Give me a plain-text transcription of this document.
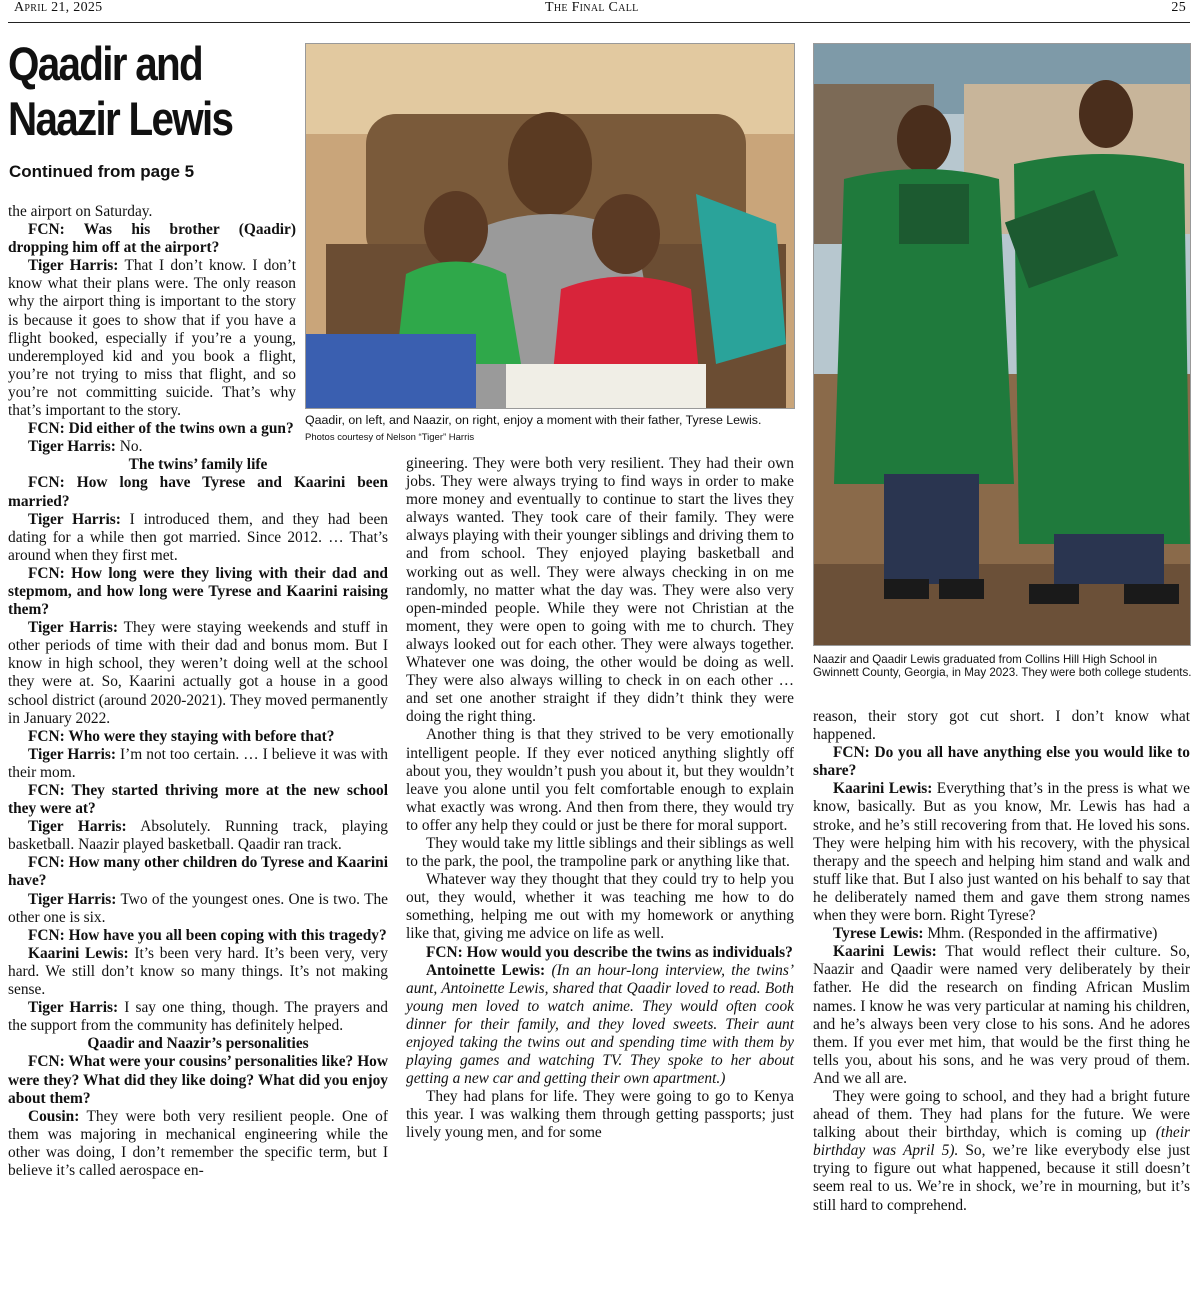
April 21, 2025	The Final Call	25
Qaadir and Naazir Lewis
Continued from page 5
Qaadir, on left, and Naazir, on right, enjoy a moment with their father, Tyrese Lewis.
Photos courtesy of Nelson “Tiger” Harris
Naazir and Qaadir Lewis graduated from Collins Hill High School in Gwinnett County, Georgia, in May 2023. They were both college students.

the airport on Saturday.

FCN: Was his brother (Qaadir) dropping him off at the airport?

Tiger Harris: That I don’t know. I don’t know what their plans were. The only reason why the airport thing is important to the story is because it goes to show that if you have a flight booked, especially if you’re a young, underemployed kid and you book a flight, you’re not trying to miss that flight, and so you’re not committing suicide. That’s why that’s important to the story.

FCN: Did either of the twins own a gun?

Tiger Harris: No.

The twins’ family life

FCN: How long have Tyrese and Kaarini been married?

Tiger Harris: I introduced them, and they had been dating for a while then got married. Since 2012. … That’s around when they first met.

FCN: How long were they living with their dad and stepmom, and how long were Tyrese and Kaarini raising them?

Tiger Harris: They were staying weekends and stuff in other periods of time with their dad and bonus mom. But I know in high school, they weren’t doing well at the school they were at. So, Kaarini actually got a house in a good school district (around 2020-2021). They moved permanently in January 2022.

FCN: Who were they staying with before that?

Tiger Harris: I’m not too certain. … I believe it was with their mom.

FCN: They started thriving more at the new school they were at?

Tiger Harris: Absolutely. Running track, playing basketball. Naazir played basketball. Qaadir ran track.

FCN: How many other children do Tyrese and Kaarini have?

Tiger Harris: Two of the youngest ones. One is two. The other one is six.

FCN: How have you all been coping with this tragedy?

Kaarini Lewis: It’s been very hard. It’s been very, very hard. We still don’t know so many things. It’s not making sense.

Tiger Harris: I say one thing, though. The prayers and the support from the community has definitely helped.

Qaadir and Naazir’s personalities

FCN: What were your cousins’ personalities like? How were they? What did they like doing? What did you enjoy about them?

Cousin: They were both very resilient people. One of them was majoring in mechanical engineering while the other was doing, I don’t remember the specific term, but I believe it’s called aerospace en-

gineering. They were both very resilient. They had their own jobs. They were always trying to find ways in order to make more money and eventually to continue to start the lives they always wanted. They took care of their family. They were always playing with their younger siblings and driving them to and from school. They enjoyed playing basketball and working out as well. They were always checking in on me randomly, no matter what the day was. They were also very open-minded people. While they were not Christian at the moment, they were open to going with me to church. They always looked out for each other. They were always together. Whatever one was doing, the other would be doing as well. They were also always willing to check in on each other … and set one another straight if they didn’t think they were doing the right thing.

Another thing is that they strived to be very emotionally intelligent people. If they ever noticed anything slightly off about you, they wouldn’t push you about it, but they wouldn’t leave you alone until you felt comfortable enough to explain what exactly was wrong. And then from there, they would try to offer any help they could or just be there for moral support.

They would take my little siblings and their siblings as well to the park, the pool, the trampoline park or anything like that.

Whatever way they thought that they could try to help you out, they would, whether it was teaching me how to do something, helping me out with my homework or anything like that, giving me advice on life as well.

FCN: How would you describe the twins as individuals?

Antoinette Lewis: (In an hour-long interview, the twins’ aunt, Antoinette Lewis, shared that Qaadir loved to read. Both young men loved to watch anime. They would often cook dinner for their family, and they loved sweets. Their aunt enjoyed taking the twins out and spending time with them by playing games and watching TV. They spoke to her about getting a new car and getting their own apartment.)

They had plans for life. They were going to go to Kenya this year. I was walking them through getting passports; just lively young men, and for some

reason, their story got cut short. I don’t know what happened.

FCN: Do you all have anything else you would like to share?

Kaarini Lewis: Everything that’s in the press is what we know, basically. But as you know, Mr. Lewis has had a stroke, and he’s still recovering from that. He loved his sons. They were helping him with his recovery, with the physical therapy and the speech and helping him stand and walk and stuff like that. But I also just wanted on his behalf to say that he deliberately named them and gave them strong names when they were born. Right Tyrese?

Tyrese Lewis: Mhm. (Responded in the affirmative)

Kaarini Lewis: That would reflect their culture. So, Naazir and Qaadir were named very deliberately by their father. He did the research on finding African Muslim names. I know he was very particular at naming his children, and he’s always been very close to his sons. And he adores them. If you ever met him, that would be the first thing he tells you, about his sons, and he was very proud of them. And we all are.

They were going to school, and they had a bright future ahead of them. They had plans for the future. We were talking about their birthday, which is coming up (their birthday was April 5). So, we’re like everybody else just trying to figure out what happened, because it still doesn’t seem real to us. We’re in shock, we’re in mourning, but it’s still hard to comprehend.
